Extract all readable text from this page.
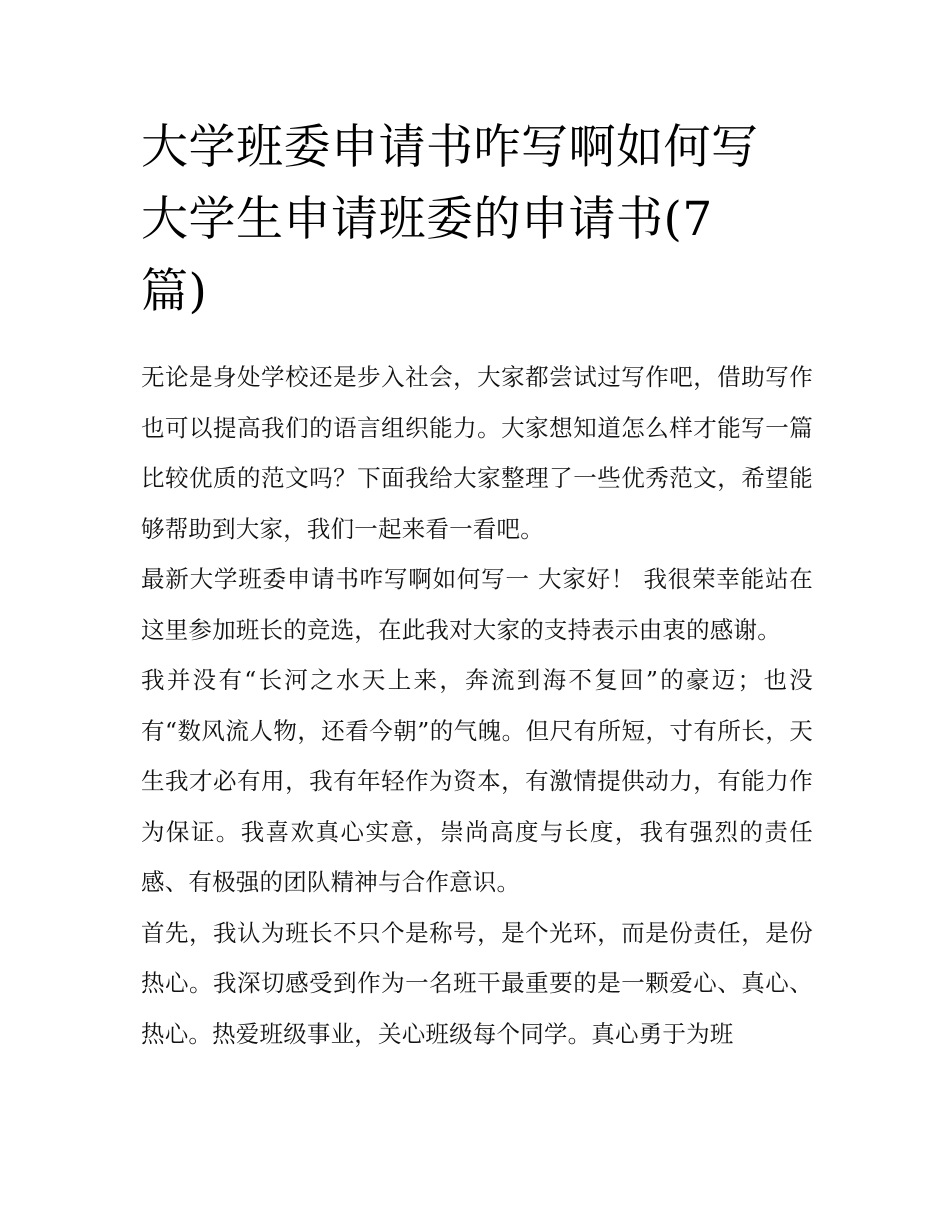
大学班委申请书咋写啊如何写
大学生申请班委的申请书(7
篇)

无论是身处学校还是步入社会，大家都尝试过写作吧，借助写作也可以提高我们的语言组织能力。大家想知道怎么样才能写一篇比较优质的范文吗？下面我给大家整理了一些优秀范文，希望能够帮助到大家，我们一起来看一看吧。

最新大学班委申请书咋写啊如何写一 大家好！ 我很荣幸能站在这里参加班长的竞选，在此我对大家的支持表示由衷的感谢。

我并没有“长河之水天上来，奔流到海不复回”的豪迈；也没有“数风流人物，还看今朝”的气魄。但尺有所短，寸有所长，天生我才必有用，我有年轻作为资本，有激情提供动力，有能力作为保证。我喜欢真心实意，崇尚高度与长度，我有强烈的责任感、有极强的团队精神与合作意识。

首先，我认为班长不只个是称号，是个光环，而是份责任，是份热心。我深切感受到作为一名班干最重要的是一颗爱心、真心、热心。热爱班级事业，关心班级每个同学。真心勇于为班
